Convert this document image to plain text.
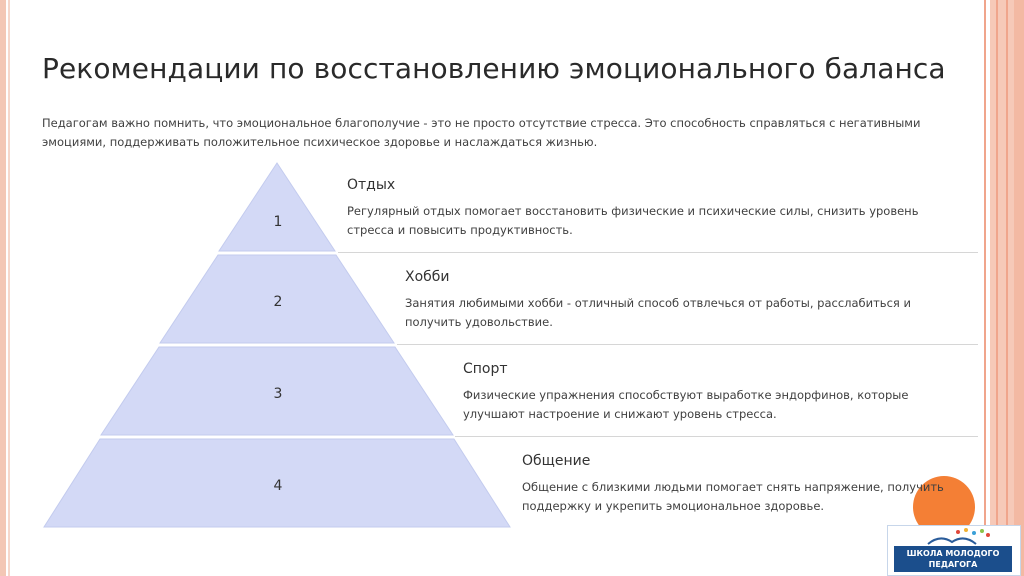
Рекомендации по восстановлению эмоционального баланса
Педагогам важно помнить, что эмоциональное благополучие - это не просто отсутствие стресса. Это способность справляться с негативными эмоциями, поддерживать положительное психическое здоровье и наслаждаться жизнью.
1
2
3
4
Отдых
Регулярный отдых помогает восстановить физические и психические силы, снизить уровень стресса и повысить продуктивность.
Хобби
Занятия любимыми хобби - отличный способ отвлечься от работы, расслабиться и получить удовольствие.
Спорт
Физические упражнения способствуют выработке эндорфинов, которые улучшают настроение и снижают уровень стресса.
Общение
Общение с близкими людьми помогает снять напряжение, получить поддержку и укрепить эмоциональное здоровье.
ШКОЛА МОЛОДОГО
ПЕДАГОГА
